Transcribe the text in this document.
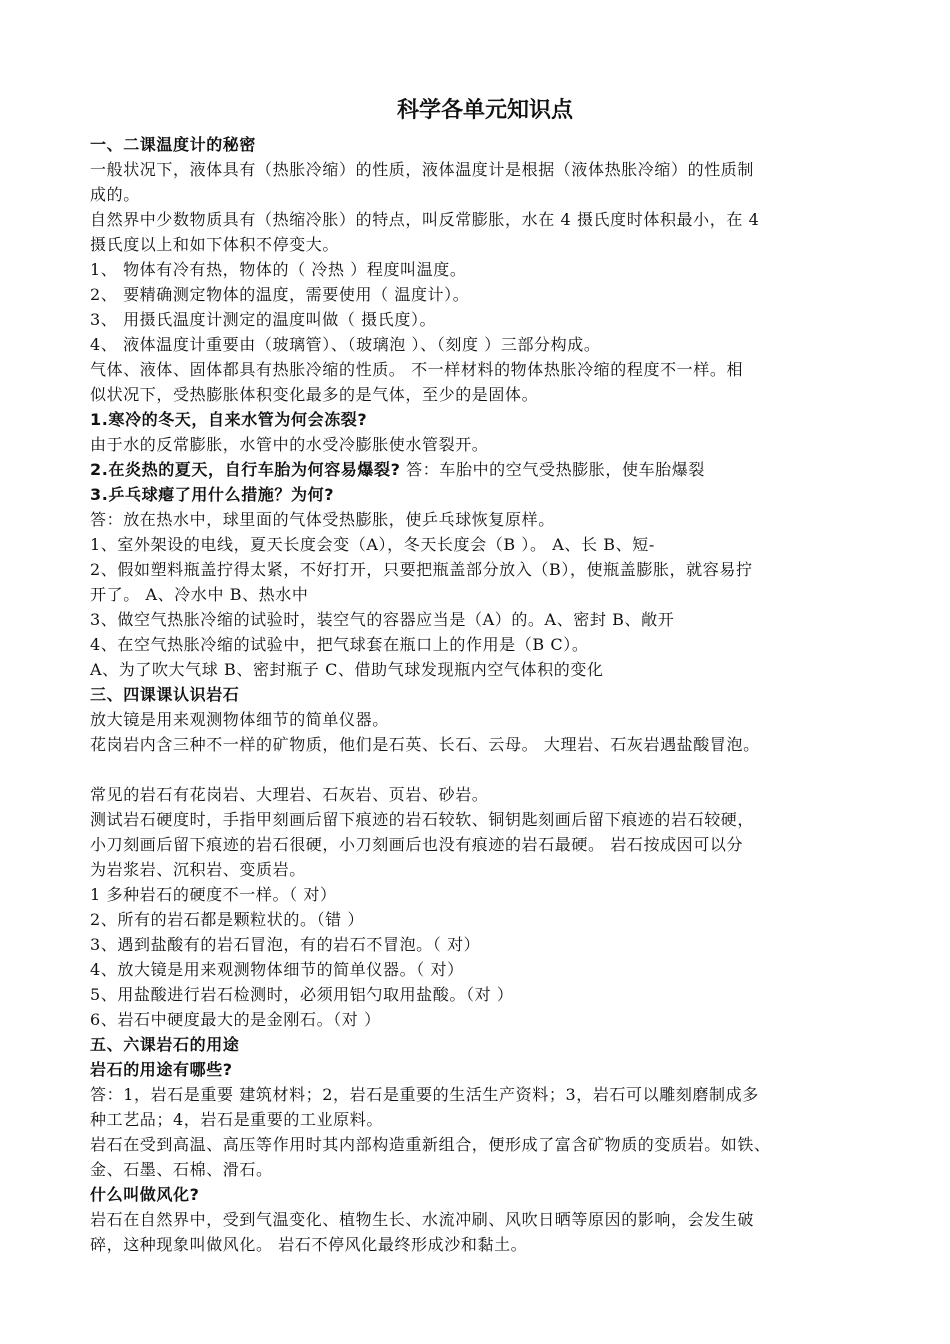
科学各单元知识点
一、二课温度计的秘密
一般状况下，液体具有（热胀冷缩）的性质，液体温度计是根据（液体热胀冷缩）的性质制
成的。
自然界中少数物质具有（热缩冷胀）的特点，叫反常膨胀，水在 4 摄氏度时体积最小，在 4
摄氏度以上和如下体积不停变大。
1、 物体有冷有热，物体的（ 冷热 ）程度叫温度。
2、 要精确测定物体的温度，需要使用（ 温度计）。
3、 用摄氏温度计测定的温度叫做（ 摄氏度）。
4、 液体温度计重要由（玻璃管）、（玻璃泡 ）、（刻度 ）三部分构成。
气体、液体、固体都具有热胀冷缩的性质。 不一样材料的物体热胀冷缩的程度不一样。相
似状况下，受热膨胀体积变化最多的是气体，至少的是固体。
1.寒冷的冬天，自来水管为何会冻裂?
由于水的反常膨胀，水管中的水受冷膨胀使水管裂开。
2.在炎热的夏天，自行车胎为何容易爆裂? 答：车胎中的空气受热膨胀，使车胎爆裂
3.乒乓球瘪了用什么措施？为何?
答：放在热水中，球里面的气体受热膨胀，使乒乓球恢复原样。
1、室外架设的电线，夏天长度会变（A），冬天长度会（B ）。 A、长 B、短-
2、假如塑料瓶盖拧得太紧，不好打开，只要把瓶盖部分放入（B），使瓶盖膨胀，就容易拧
开了。 A、冷水中 B、热水中
3、做空气热胀冷缩的试验时，装空气的容器应当是（A）的。A、密封 B、敞开
4、在空气热胀冷缩的试验中，把气球套在瓶口上的作用是（B C）。
A、为了吹大气球 B、密封瓶子 C、借助气球发现瓶内空气体积的变化
三、四课课认识岩石
放大镜是用来观测物体细节的简单仪器。
花岗岩内含三种不一样的矿物质，他们是石英、长石、云母。 大理岩、石灰岩遇盐酸冒泡。
常见的岩石有花岗岩、大理岩、石灰岩、页岩、砂岩。
测试岩石硬度时，手指甲刻画后留下痕迹的岩石较软、铜钥匙刻画后留下痕迹的岩石较硬，
小刀刻画后留下痕迹的岩石很硬，小刀刻画后也没有痕迹的岩石最硬。 岩石按成因可以分
为岩浆岩、沉积岩、变质岩。
1 多种岩石的硬度不一样。（ 对）
2、所有的岩石都是颗粒状的。（错 ）
3、遇到盐酸有的岩石冒泡，有的岩石不冒泡。（ 对）
4、放大镜是用来观测物体细节的简单仪器。（ 对）
5、用盐酸进行岩石检测时，必须用铝勺取用盐酸。（对 ）
6、岩石中硬度最大的是金刚石。（对 ）
五、六课岩石的用途
岩石的用途有哪些?
答：1，岩石是重要 建筑材料；2，岩石是重要的生活生产资料；3，岩石可以雕刻磨制成多
种工艺品；4，岩石是重要的工业原料。
岩石在受到高温、高压等作用时其内部构造重新组合，便形成了富含矿物质的变质岩。如铁、
金、石墨、石棉、滑石。
什么叫做风化?
岩石在自然界中，受到气温变化、植物生长、水流冲刷、风吹日晒等原因的影响，会发生破
碎，这种现象叫做风化。 岩石不停风化最终形成沙和黏土。
